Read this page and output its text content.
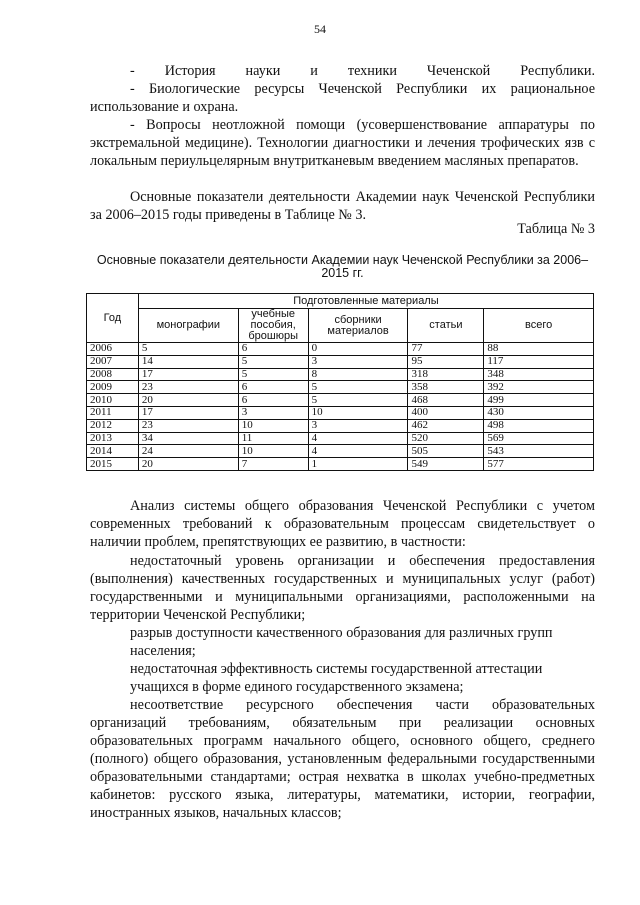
54
- История науки и техники Чеченской Республики.
- Биологические ресурсы Чеченской Республики их рациональное использование и охрана.
- Вопросы неотложной помощи (усовершенствование аппаратуры по экстремальной медицине). Технологии диагностики и лечения трофических язв с локальным периульцелярным внутритканевым введением масляных препаратов.
Основные показатели деятельности Академии наук Чеченской Республики за 2006–2015 годы приведены в Таблице № 3.
Таблица № 3
Основные показатели деятельности Академии наук Чеченской Республики за 2006–2015 гг.
Год	Подготовленные материалы				
	монографии	учебные пособия, брошюры	сборники материалов	статьи	всего
2006	5	6	0	77	88
2007	14	5	3	95	117
2008	17	5	8	318	348
2009	23	6	5	358	392
2010	20	6	5	468	499
2011	17	3	10	400	430
2012	23	10	3	462	498
2013	34	11	4	520	569
2014	24	10	4	505	543
2015	20	7	1	549	577
Анализ системы общего образования Чеченской Республики с учетом современных требований к образовательным процессам свидетельствует о наличии проблем, препятствующих ее развитию, в частности:
недостаточный уровень организации и обеспечения предоставления (выполнения) качественных государственных и муниципальных услуг (работ) государственными и муниципальными организациями, расположенными на территории Чеченской Республики;
разрыв доступности качественного образования для различных групп
населения;
недостаточная эффективность системы государственной аттестации
учащихся в форме единого государственного экзамена;
несоответствие ресурсного обеспечения части образовательных организаций требованиям, обязательным при реализации основных образовательных программ начального общего, основного общего, среднего (полного) общего образования, установленным федеральными государственными образовательными стандартами; острая нехватка в школах учебно-предметных кабинетов: русского языка, литературы, математики, истории, географии, иностранных языков, начальных классов;
